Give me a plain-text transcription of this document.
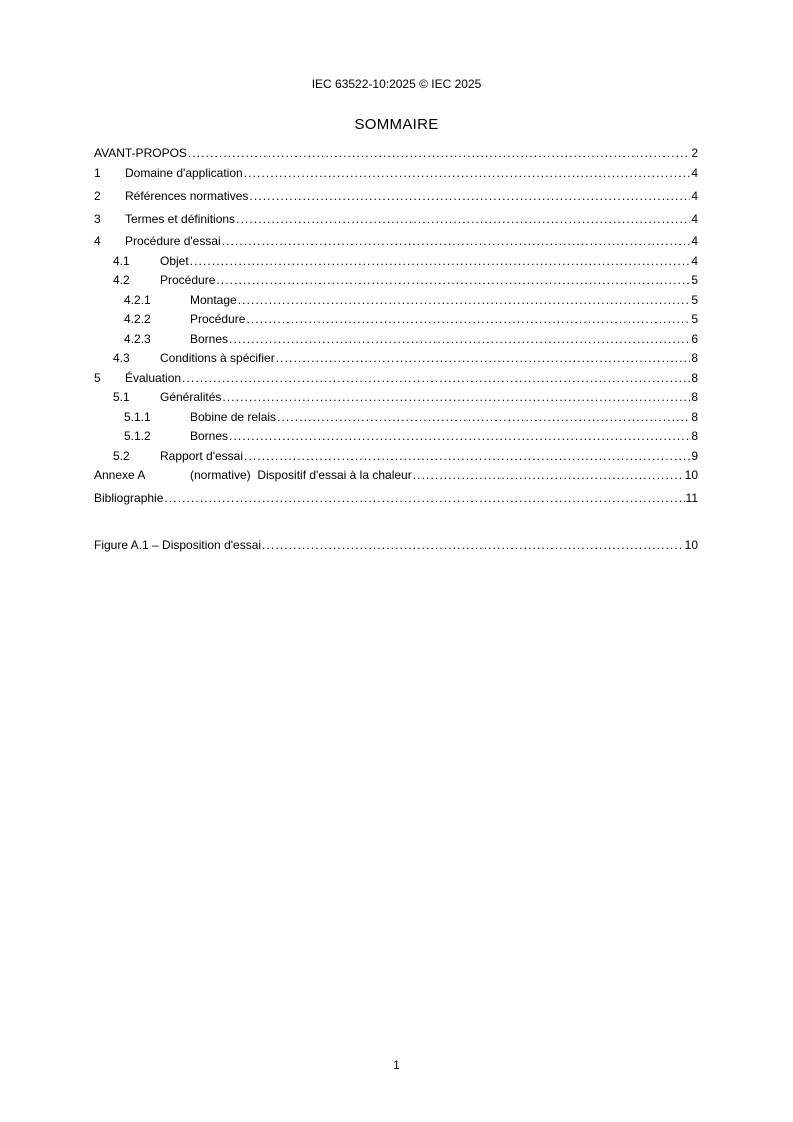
IEC 63522-10:2025 © IEC 2025
SOMMAIRE
AVANT-PROPOS .....	2
1	Domaine d'application .....	4
2	Références normatives .....	4
3	Termes et définitions .....	4
4	Procédure d'essai .....	4
4.1	Objet .....	4
4.2	Procédure .....	5
4.2.1	Montage .....	5
4.2.2	Procédure .....	5
4.2.3	Bornes .....	6
4.3	Conditions à spécifier .....	8
5	Évaluation .....	8
5.1	Généralités .....	8
5.1.1	Bobine de relais .....	8
5.1.2	Bornes .....	8
5.2	Rapport d'essai .....	9
Annexe A	(normative)  Dispositif d'essai à la chaleur .....	10
Bibliographie .....	11
Figure A.1 – Disposition d'essai .....	10
1
